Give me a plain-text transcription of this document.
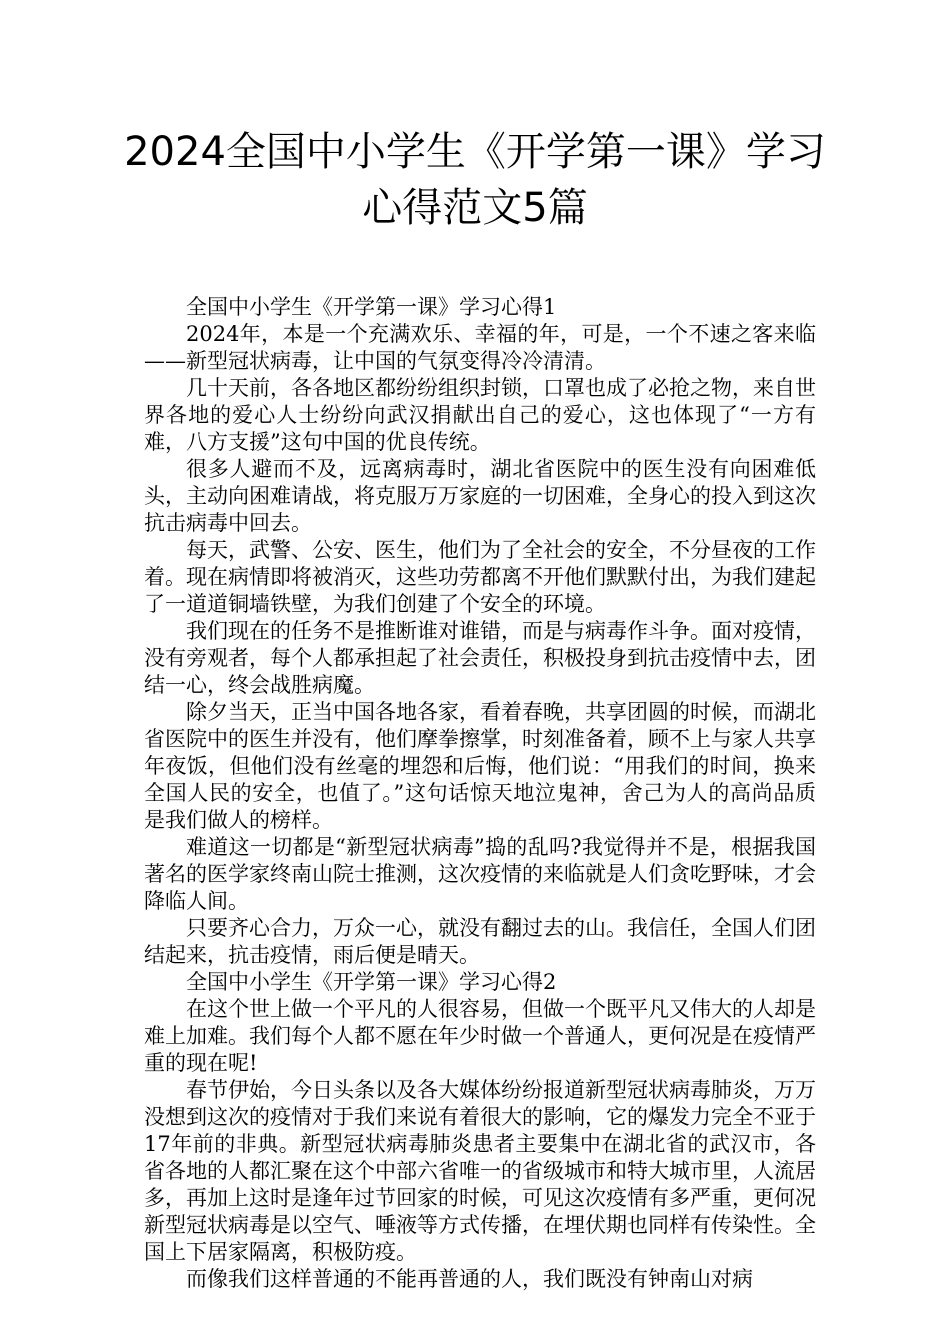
2024全国中小学生《开学第一课》学习
心得范文5篇

全国中小学生《开学第一课》学习心得1

2024年，本是一个充满欢乐、幸福的年，可是，一个不速之客来临——新型冠状病毒，让中国的气氛变得冷冷清清。

几十天前，各各地区都纷纷组织封锁，口罩也成了必抢之物，来自世界各地的爱心人士纷纷向武汉捐献出自己的爱心，这也体现了“一方有难，八方支援”这句中国的优良传统。

很多人避而不及，远离病毒时，湖北省医院中的医生没有向困难低头，主动向困难请战，将克服万万家庭的一切困难，全身心的投入到这次抗击病毒中回去。

每天，武警、公安、医生，他们为了全社会的安全，不分昼夜的工作着。现在病情即将被消灭，这些功劳都离不开他们默默付出，为我们建起了一道道铜墙铁壁，为我们创建了个安全的环境。

我们现在的任务不是推断谁对谁错，而是与病毒作斗争。面对疫情，没有旁观者，每个人都承担起了社会责任，积极投身到抗击疫情中去，团结一心，终会战胜病魔。

除夕当天，正当中国各地各家，看着春晚，共享团圆的时候，而湖北省医院中的医生并没有，他们摩拳擦掌，时刻准备着，顾不上与家人共享年夜饭，但他们没有丝毫的埋怨和后悔，他们说：“用我们的时间，换来全国人民的安全，也值了。”这句话惊天地泣鬼神，舍己为人的高尚品质是我们做人的榜样。

难道这一切都是“新型冠状病毒”捣的乱吗?我觉得并不是，根据我国著名的医学家终南山院士推测，这次疫情的来临就是人们贪吃野味，才会降临人间。

只要齐心合力，万众一心，就没有翻过去的山。我信任，全国人们团结起来，抗击疫情，雨后便是晴天。

全国中小学生《开学第一课》学习心得2

在这个世上做一个平凡的人很容易，但做一个既平凡又伟大的人却是难上加难。我们每个人都不愿在年少时做一个普通人，更何况是在疫情严重的现在呢!

春节伊始，今日头条以及各大媒体纷纷报道新型冠状病毒肺炎，万万没想到这次的疫情对于我们来说有着很大的影响，它的爆发力完全不亚于17年前的非典。新型冠状病毒肺炎患者主要集中在湖北省的武汉市，各省各地的人都汇聚在这个中部六省唯一的省级城市和特大城市里，人流居多，再加上这时是逢年过节回家的时候，可见这次疫情有多严重，更何况新型冠状病毒是以空气、唾液等方式传播，在埋伏期也同样有传染性。全国上下居家隔离，积极防疫。

而像我们这样普通的不能再普通的人，我们既没有钟南山对病
